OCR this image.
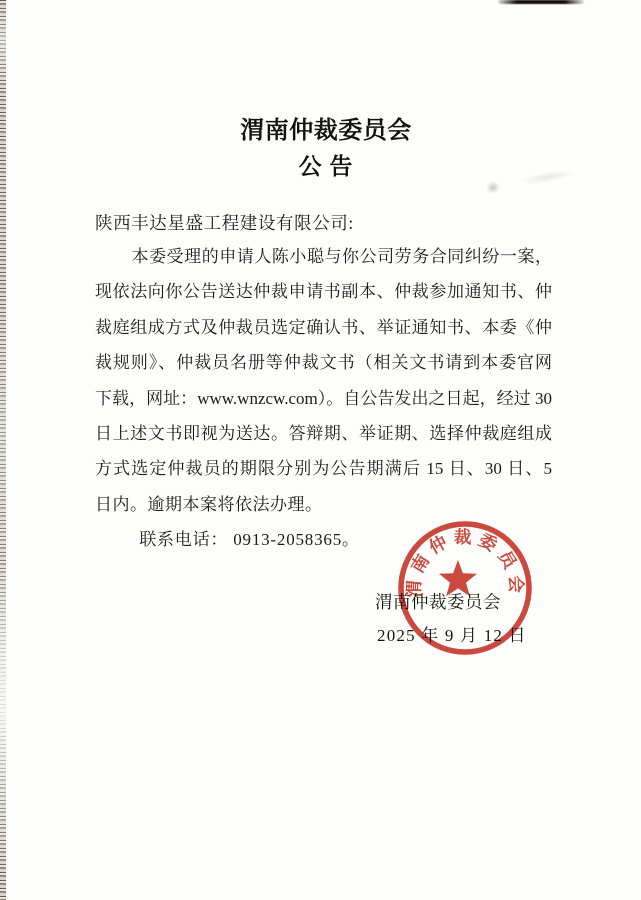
渭南仲裁委员会
公 告
陕西丰达星盛工程建设有限公司:
本委受理的申请人陈小聪与你公司劳务合同纠纷一案，
现依法向你公告送达仲裁申请书副本、仲裁参加通知书、仲
裁庭组成方式及仲裁员选定确认书、举证通知书、本委《仲
裁规则》、仲裁员名册等仲裁文书（相关文书请到本委官网
下载，网址：www.wnzcw.com）。自公告发出之日起，经过 30
日上述文书即视为送达。答辩期、举证期、选择仲裁庭组成
方式选定仲裁员的期限分别为公告期满后 15 日、30 日、5
日内。逾期本案将依法办理。
联系电话： 0913-2058365。
渭南仲裁委员会
2025 年 9 月 12 日
渭南仲裁委员会
